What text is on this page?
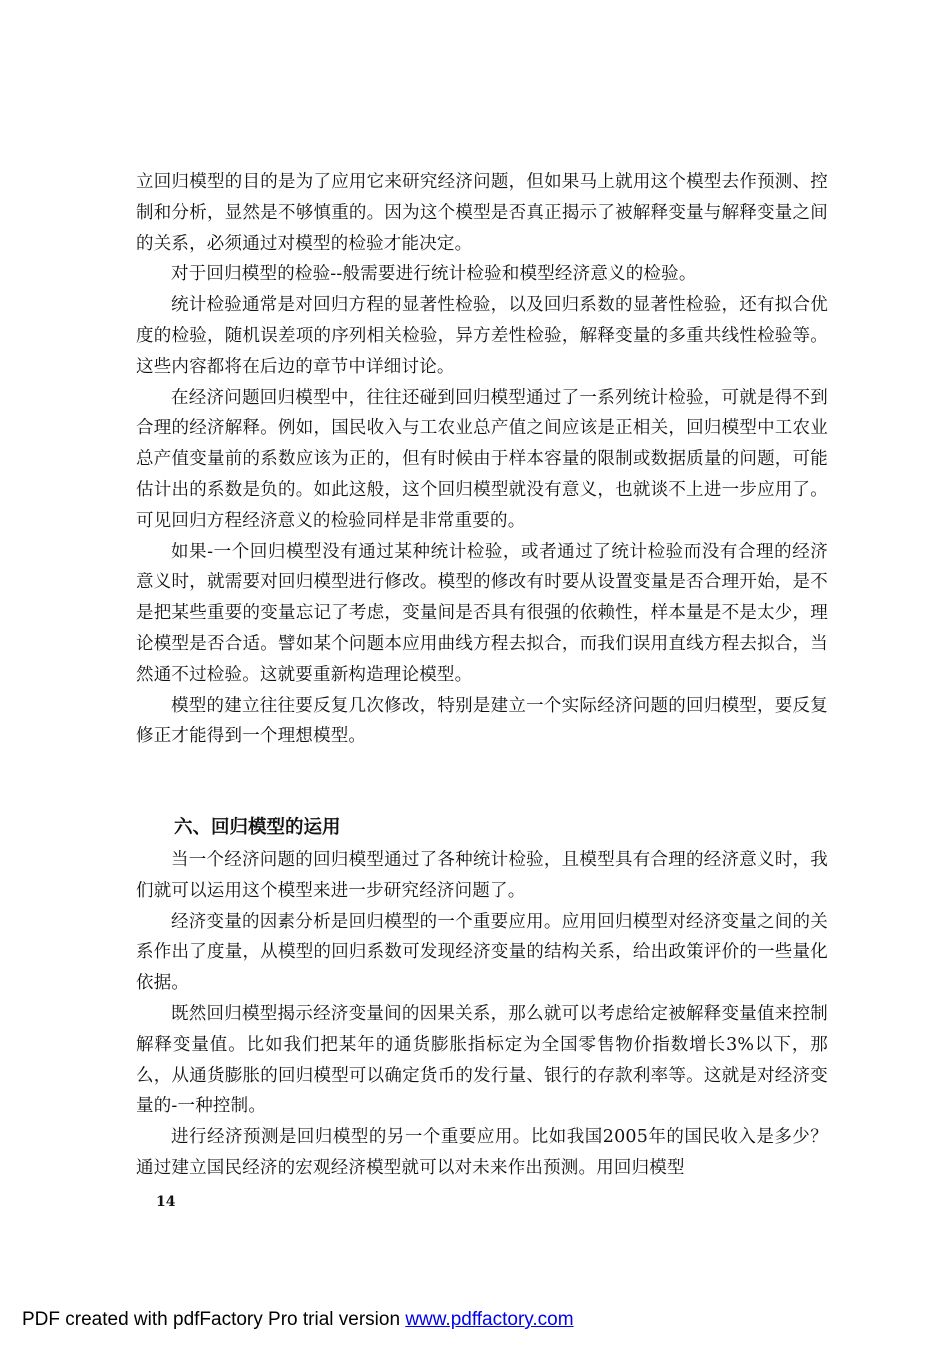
立回归模型的目的是为了应用它来研究经济问题，但如果马上就用这个模型去作预测、控制和分析，显然是不够慎重的。因为这个模型是否真正揭示了被解释变量与解释变量之间的关系，必须通过对模型的检验才能决定。

对于回归模型的检验--般需要进行统计检验和模型经济意义的检验。

统计检验通常是对回归方程的显著性检验，以及回归系数的显著性检验，还有拟合优度的检验，随机误差项的序列相关检验，异方差性检验，解释变量的多重共线性检验等。这些内容都将在后边的章节中详细讨论。

在经济问题回归模型中，往往还碰到回归模型通过了一系列统计检验，可就是得不到合理的经济解释。例如，国民收入与工农业总产值之间应该是正相关，回归模型中工农业总产值变量前的系数应该为正的，但有时候由于样本容量的限制或数据质量的问题，可能估计出的系数是负的。如此这般，这个回归模型就没有意义，也就谈不上进一步应用了。可见回归方程经济意义的检验同样是非常重要的。

如果-一个回归模型没有通过某种统计检验，或者通过了统计检验而没有合理的经济意义时，就需要对回归模型进行修改。模型的修改有时要从设置变量是否合理开始，是不是把某些重要的变量忘记了考虑，变量间是否具有很强的依赖性，样本量是不是太少，理论模型是否合适。譬如某个问题本应用曲线方程去拟合，而我们误用直线方程去拟合，当然通不过检验。这就要重新构造理论模型。

模型的建立往往要反复几次修改，特别是建立一个实际经济问题的回归模型，要反复修正才能得到一个理想模型。

六、回归模型的运用

当一个经济问题的回归模型通过了各种统计检验，且模型具有合理的经济意义时，我们就可以运用这个模型来进一步研究经济问题了。

经济变量的因素分析是回归模型的一个重要应用。应用回归模型对经济变量之间的关系作出了度量，从模型的回归系数可发现经济变量的结构关系，给出政策评价的一些量化依据。

既然回归模型揭示经济变量间的因果关系，那么就可以考虑给定被解释变量值来控制解释变量值。比如我们把某年的通货膨胀指标定为全国零售物价指数增长3%以下，那么，从通货膨胀的回归模型可以确定货币的发行量、银行的存款利率等。这就是对经济变量的-一种控制。

进行经济预测是回归模型的另一个重要应用。比如我国2005年的国民收入是多少？通过建立国民经济的宏观经济模型就可以对未来作出预测。用回归模型

14
PDF created with pdfFactory Pro trial version www.pdffactory.com
